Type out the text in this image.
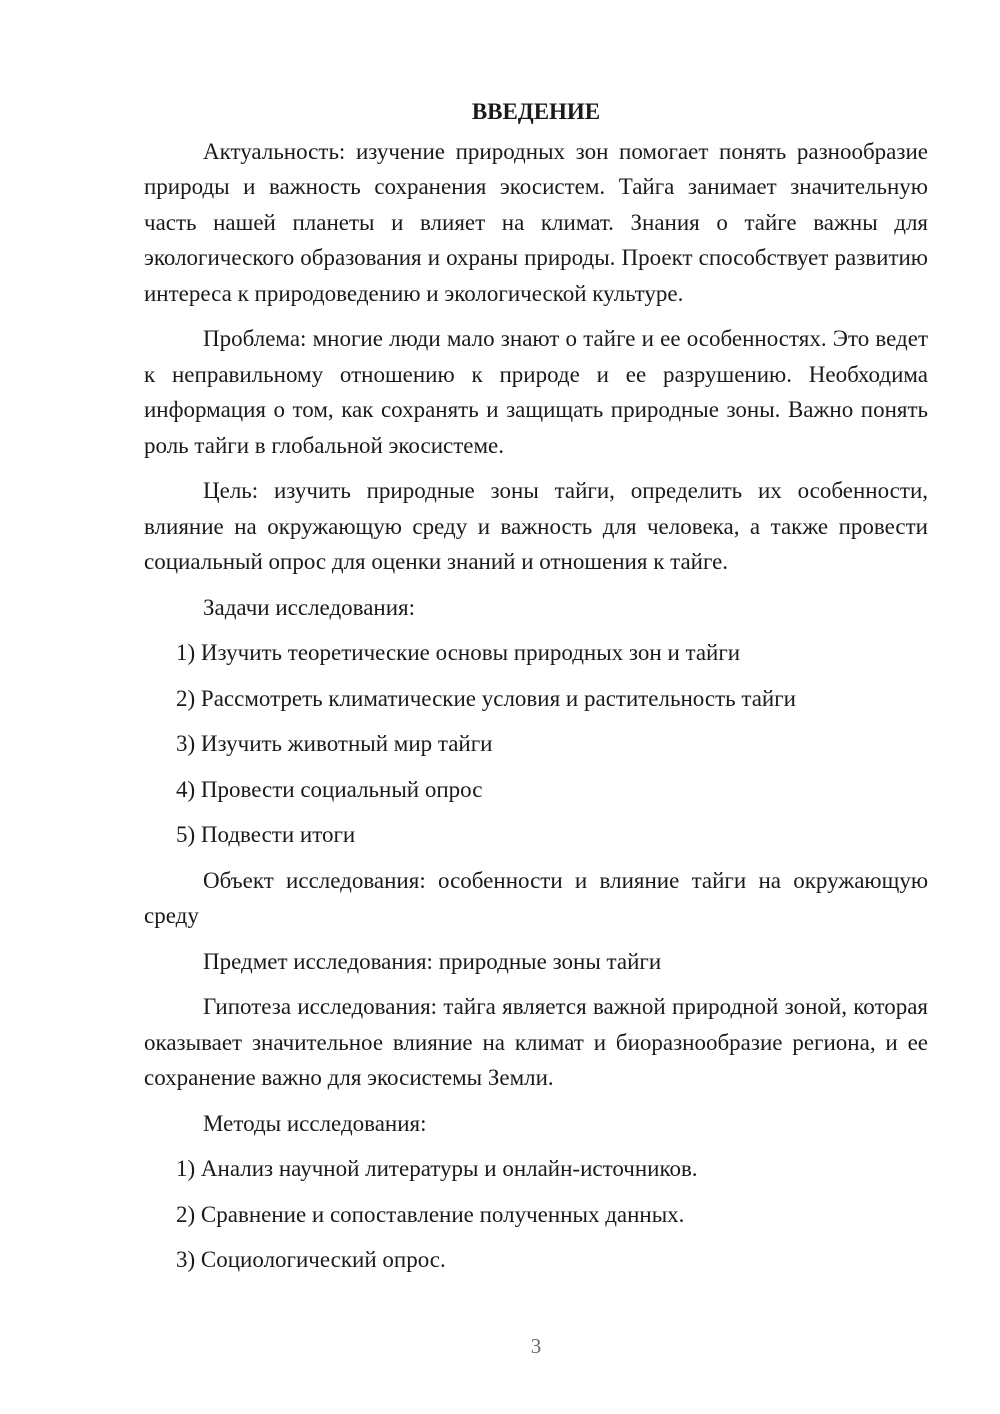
ВВЕДЕНИЕ
Актуальность: изучение природных зон помогает понять разнообразие природы и важность сохранения экосистем. Тайга занимает значительную часть нашей планеты и влияет на климат. Знания о тайге важны для экологического образования и охраны природы. Проект способствует развитию интереса к природоведению и экологической культуре.
Проблема: многие люди мало знают о тайге и ее особенностях. Это ведет к неправильному отношению к природе и ее разрушению. Необходима информация о том, как сохранять и защищать природные зоны. Важно понять роль тайги в глобальной экосистеме.
Цель: изучить природные зоны тайги, определить их особенности, влияние на окружающую среду и важность для человека, а также провести социальный опрос для оценки знаний и отношения к тайге.
Задачи исследования:
1) Изучить теоретические основы природных зон и тайги
2) Рассмотреть климатические условия и растительность тайги
3) Изучить животный мир тайги
4) Провести социальный опрос
5) Подвести итоги
Объект исследования: особенности и влияние тайги на окружающую среду
Предмет исследования: природные зоны тайги
Гипотеза исследования: тайга является важной природной зоной, которая оказывает значительное влияние на климат и биоразнообразие региона, и ее сохранение важно для экосистемы Земли.
Методы исследования:
1) Анализ научной литературы и онлайн-источников.
2) Сравнение и сопоставление полученных данных.
3) Социологический опрос.
3
